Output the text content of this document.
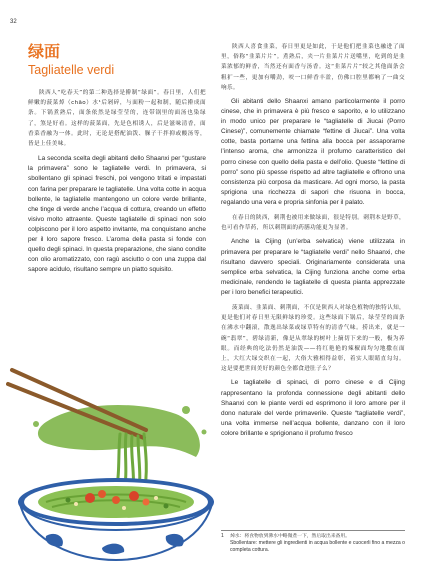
32
绿面
Tagliatelle verdi

陕西人“吃春天”的第二种选择是擀制“绿面”。春日里，人们把鲜嫩的菠菜焯（chāo）水¹后剁碎，与面粉一起和制，随后擀成面条。下锅煮熟后，面条依然是绿莹莹的，连带锅里的面汤也染绿了，煞是好看。这样的菠菜面，先是色相诱人，后是滋味清香，面香菜香融为一体。此时，无论是搭配油泼、臊子干拌抑或酸汤等，皆是上佳美味。

La seconda scelta degli abitanti dello Shaanxi per “gustare la primavera” sono le tagliatelle verdi. In primavera, si sbollentano gli spinaci freschi, poi vengono tritati e impastati con farina per preparare le tagliatelle. Una volta cotte in acqua bollente, le tagliatelle mantengono un colore verde brillante, che tinge di verde anche l’acqua di cottura, creando un effetto visivo molto attraente. Queste tagliatelle di spinaci non solo colpiscono per il loro aspetto invitante, ma conquistano anche per il loro sapore fresco. L’aroma della pasta si fonde con quello degli spinaci. In questa preparazione, che siano condite con olio aromatizzato, con ragù asciutto o con una zuppa dal sapore acidulo, risultano sempre un piatto squisito.

陕西人喜食韭菜，春日里更是如此，于是他们把韭菜也融进了面里，俗称“韭菜片片”。煮熟后，夹一片韭菜片片送嘴里，吃到的是韭菜浓郁的鲜香，当然还有面香与汤香。这“韭菜片片”较之其他面条会粗犷一些，更加有嚼劲，咬一口鲜香丰盈，仿佛口腔里都响了一曲交响乐。

Gli abitanti dello Shaanxi amano particolarmente il porro cinese, che in primavera è più fresco e saporito, e lo utilizzano in modo unico per preparare le “tagliatelle di Jiucai (Porro Cinese)”, comunemente chiamate “fettine di Jiucai”. Una volta cotte, basta portarne una fettina alla bocca per assaporarne l’intenso aroma, che armonizza il profumo caratteristico del porro cinese con quello della pasta e dell’olio. Queste “fettine di porro” sono più spesse rispetto ad altre tagliatelle e offrono una consistenza più corposa da masticare. Ad ogni morso, la pasta sprigiona una ricchezza di sapori che risuona in bocca, regalando una vera e propria sinfonia per il palato.

在春日的陕西，刺荆也被用来做绿面，很是特别。刺荆本是野草，也可看作草药，所以刺荆面的药膳功能更为显著。

Anche la Cijing (un’erba selvatica) viene utilizzata in primavera per preparare le “tagliatelle verdi” nello Shaanxi, che risultano davvero speciali. Originariamente considerata una semplice erba selvatica, la Cijing funziona anche come erba medicinale, rendendo le tagliatelle di questa pianta apprezzate per i loro benefici terapeutici.

菠菜面、韭菜面、刺荆面，不仅是陕西人对绿色植物的独特认知，更是他们对春日里无限鲜绿的珍爱。这些绿面下锅后，绿莹莹的面条在沸水中翻滚，散逸出绿菜或绿草特有的清香气味。捞出来，就是一碗“翡翠”，碧绿清新，像是从翠绿的树叶上摘切下来的一般，极为养眼。而经典的吃法仍然是油泼——将红艳艳的辣椒面均匀地撒在面上，大红大绿交织在一起，大俗大雅相得益彰，着实人眼睛直勾勾。这是要把世间美好的颜色全都食进肚子么？

Le tagliatelle di spinaci, di porro cinese e di Cijing rappresentano la profonda connessione degli abitanti dello Shaanxi con le piante verdi ed esprimono il loro amore per il dono naturale del verde primaverile. Queste “tagliatelle verdi”, una volta immerse nell’acqua bollente, danzano con il loro colore brillante e sprigionano il profumo fresco

1 焯水：将食物放到沸水中略微煮一下，然后取出来备用。
Sbollentare: mettere gli ingredienti in acqua bollente e cuocerli fino a mezza o completa cottura.
